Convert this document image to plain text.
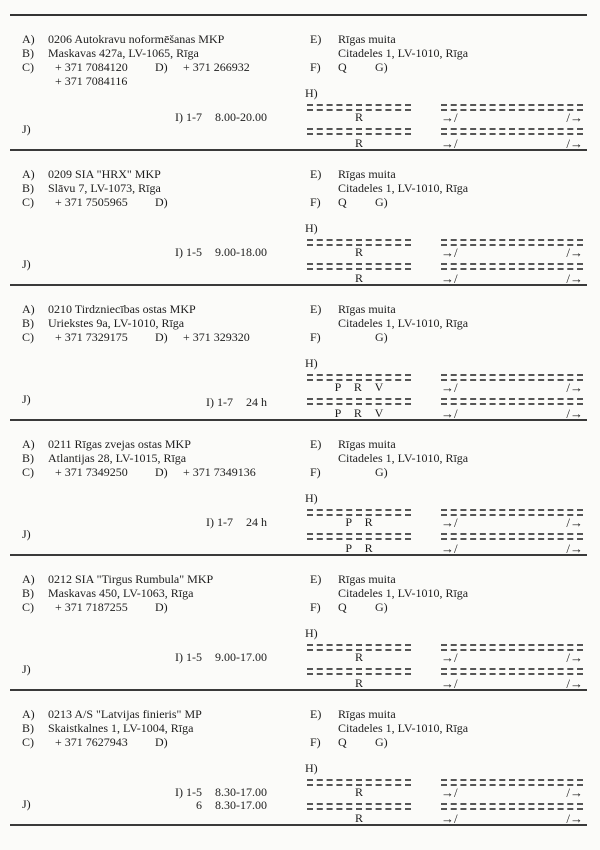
A) 0206 Autokravu noformēšanas MKP
B) Maskavas 427a, LV-1065, Rīga
C) + 371 7084120 D) + 371 266932
+ 371 7084116
I) 1-7 8.00-20.00
J)
E) Rīgas muita
Citadeles 1, LV-1010, Rīga
F) Q G)
H)
R	→/	/→
R	→/	/→
A) 0209 SIA "HRX" MKP
B) Slāvu 7, LV-1073, Rīga
C) + 371 7505965 D)
I) 1-5 9.00-18.00
J)
E) Rīgas muita
Citadeles 1, LV-1010, Rīga
F) Q G)
H)
R	→/	/→
R	→/	/→
A) 0210 Tirdzniecības ostas MKP
B) Uriekstes 9a, LV-1010, Rīga
C) + 371 7329175 D) + 371 329320
I) 1-7 24 h
J)
E) Rīgas muita
Citadeles 1, LV-1010, Rīga
F)	G)
H)
P R V	→/	/→
P R V	→/	/→
A) 0211 Rīgas zvejas ostas MKP
B) Atlantijas 28, LV-1015, Rīga
C) + 371 7349250 D) + 371 7349136
I) 1-7 24 h
J)
E) Rīgas muita
Citadeles 1, LV-1010, Rīga
F)	G)
H)
P R	→/	/→
P R	→/	/→
A) 0212 SIA "Tirgus Rumbula" MKP
B) Maskavas 450, LV-1063, Rīga
C) + 371 7187255 D)
I) 1-5 9.00-17.00
J)
E) Rīgas muita
Citadeles 1, LV-1010, Rīga
F) Q G)
H)
R	→/	/→
R	→/	/→
A) 0213 A/S "Latvijas finieris" MP
B) Skaistkalnes 1, LV-1004, Rīga
C) + 371 7627943 D)
I) 1-5 8.30-17.00
6 8.30-17.00
J)
E) Rīgas muita
Citadeles 1, LV-1010, Rīga
F) Q G)
H)
R	→/	/→
R	→/	/→
